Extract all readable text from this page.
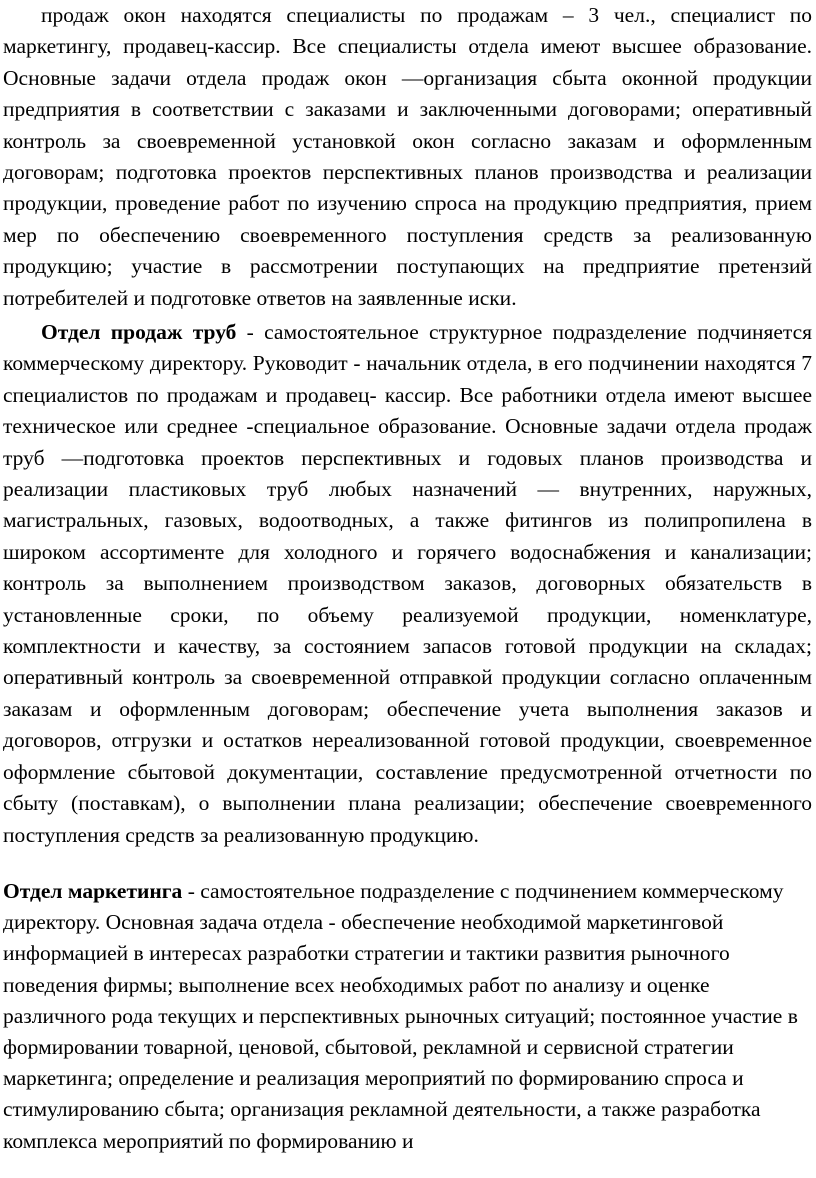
продаж окон находятся специалисты по продажам – 3 чел., специалист по маркетингу, продавец-кассир. Все специалисты отдела имеют высшее образование. Основные задачи отдела продаж окон —организация сбыта оконной продукции предприятия в соответствии с заказами и заключенными договорами; оперативный контроль за своевременной установкой окон согласно заказам и оформленным договорам; подготовка проектов перспективных планов производства и реализации продукции, проведение работ по изучению спроса на продукцию предприятия, прием мер по обеспечению своевременного поступления средств за реализованную продукцию; участие в рассмотрении поступающих на предприятие претензий потребителей и подготовке ответов на заявленные иски.

Отдел продаж труб - самостоятельное структурное подразделение подчиняется коммерческому директору. Руководит - начальник отдела, в его подчинении находятся 7 специалистов по продажам и продавец- кассир. Все работники отдела имеют высшее техническое или среднее -специальное образование. Основные задачи отдела продаж труб —подготовка проектов перспективных и годовых планов производства и реализации пластиковых труб любых назначений — внутренних, наружных, магистральных, газовых, водоотводных, а также фитингов из полипропилена в широком ассортименте для холодного и горячего водоснабжения и канализации; контроль за выполнением производством заказов, договорных обязательств в установленные сроки, по объему реализуемой продукции, номенклатуре, комплектности и качеству, за состоянием запасов готовой продукции на складах; оперативный контроль за своевременной отправкой продукции согласно оплаченным заказам и оформленным договорам; обеспечение учета выполнения заказов и договоров, отгрузки и остатков нереализованной готовой продукции, своевременное оформление сбытовой документации, составление предусмотренной отчетности по сбыту (поставкам), о выполнении плана реализации; обеспечение своевременного поступления средств за реализованную продукцию.

Отдел маркетинга - самостоятельное подразделение с подчинением коммерческому директору. Основная задача отдела - обеспечение необходимой маркетинговой информацией в интересах разработки стратегии и тактики развития рыночного поведения фирмы; выполнение всех необходимых работ по анализу и оценке различного рода текущих и перспективных рыночных ситуаций; постоянное участие в формировании товарной, ценовой, сбытовой, рекламной и сервисной стратегии маркетинга; определение и реализация мероприятий по формированию спроса и стимулированию сбыта; организация рекламной деятельности, а также разработка комплекса мероприятий по формированию и
